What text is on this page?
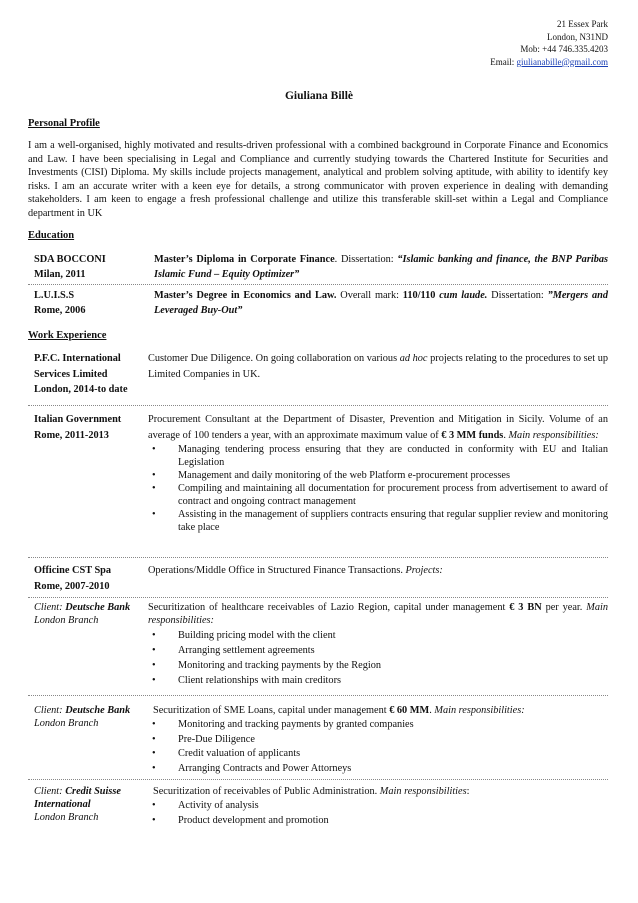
21 Essex Park
London, N31ND
Mob: +44 746.335.4203
Email: giulianabille@gmail.com
Giuliana Billè
Personal Profile
I am a well-organised, highly motivated and results-driven professional with a combined background in Corporate Finance and Economics and Law. I have been specialising in Legal and Compliance and currently studying towards the Chartered Institute for Securities and Investments (CISI) Diploma. My skills include projects management, analytical and problem solving aptitude, with ability to identify key risks. I am an accurate writer with a keen eye for details, a strong communicator with proven experience in dealing with demanding stakeholders. I am keen to engage a fresh professional challenge and utilize this transferable skill-set within a Legal and Compliance department in UK
Education
SDA BOCCONI
Milan, 2011
Master’s Diploma in Corporate Finance. Dissertation: “Islamic banking and finance, the BNP Paribas Islamic Fund – Equity Optimizer”
L.U.I.S.S
Rome, 2006
Master’s Degree in Economics and Law. Overall mark: 110/110 cum laude. Dissertation: ”Mergers and Leveraged Buy-Out”
Work Experience
P.F.C. International Services Limited
London, 2014-to date
Customer Due Diligence. On going collaboration on various ad hoc projects relating to the procedures to set up Limited Companies in UK.
Italian Government
Rome, 2011-2013
Procurement Consultant at the Department of Disaster, Prevention and Mitigation in Sicily. Volume of an average of 100 tenders a year, with an approximate maximum value of € 3 MM funds. Main responsibilities:
• Managing tendering process ensuring that they are conducted in conformity with EU and Italian Legislation
• Management and daily monitoring of the web Platform e-procurement processes
• Compiling and maintaining all documentation for procurement process from advertisement to award of contract and ongoing contract management
• Assisting in the management of suppliers contracts ensuring that regular supplier review and monitoring take place
Officine CST Spa
Rome, 2007-2010
Operations/Middle Office in Structured Finance Transactions. Projects:
Client: Deutsche Bank
London Branch
Securitization of healthcare receivables of Lazio Region, capital under management € 3 BN per year. Main responsibilities:
• Building pricing model with the client
• Arranging settlement agreements
• Monitoring and tracking payments by the Region
• Client relationships with main creditors
Client: Deutsche Bank
London Branch
Securitization of SME Loans, capital under management € 60 MM. Main responsibilities:
• Monitoring and tracking payments by granted companies
• Pre-Due Diligence
• Credit valuation of applicants
• Arranging Contracts and Power Attorneys
Client: Credit Suisse International
London Branch
Securitization of receivables of Public Administration. Main responsibilities:
• Activity of analysis
• Product development and promotion
